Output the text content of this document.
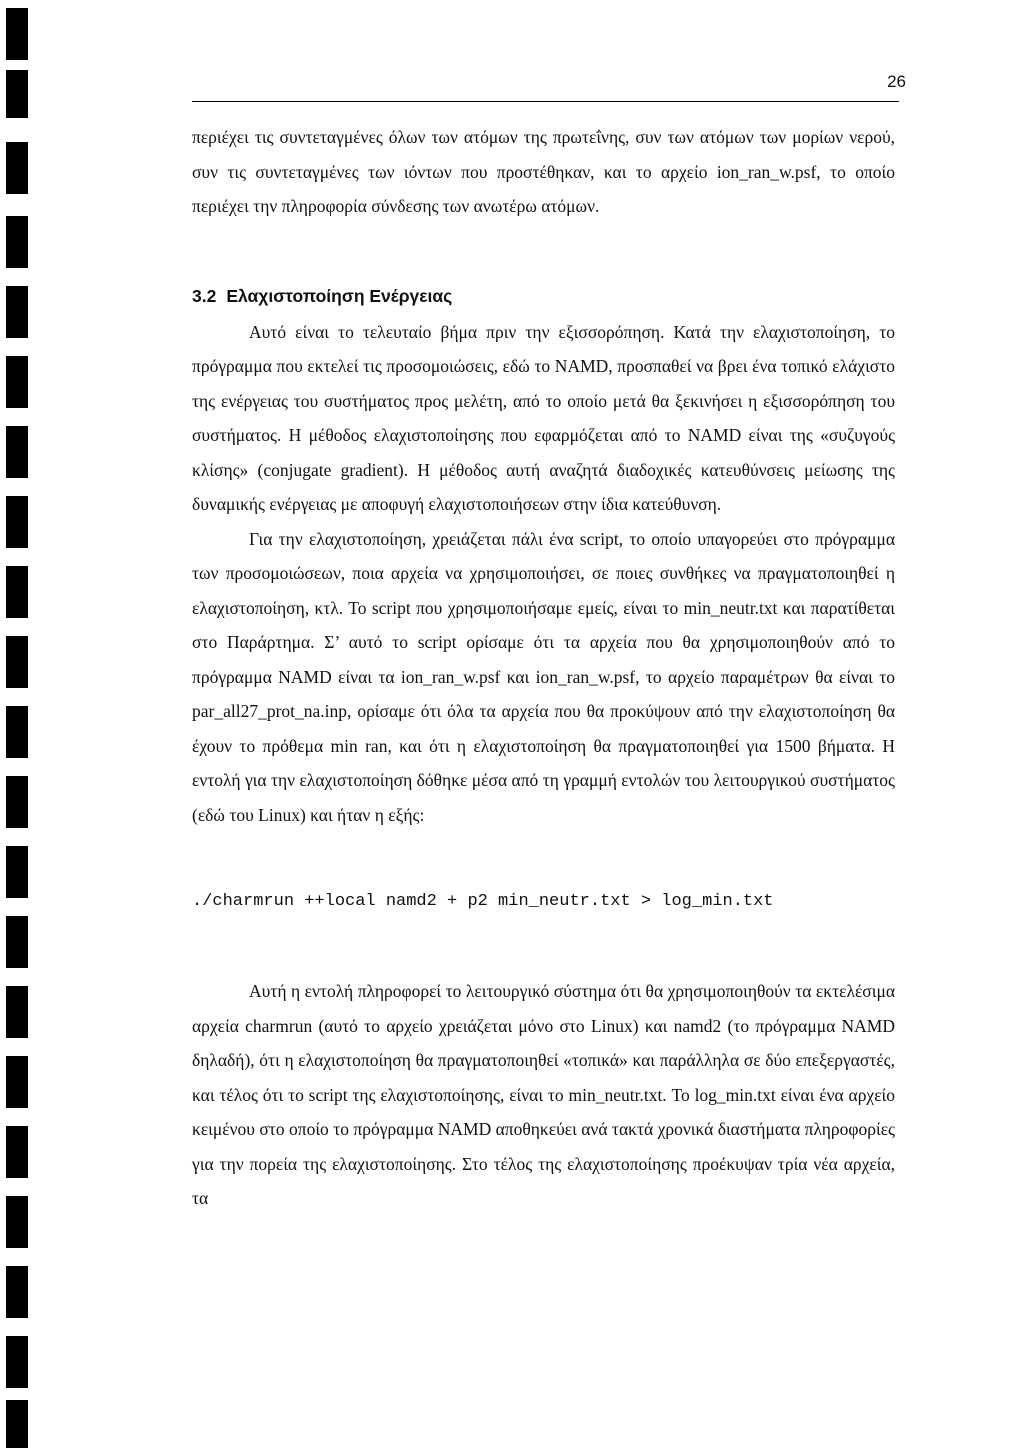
26

περιέχει τις συντεταγμένες όλων των ατόμων της πρωτεΐνης, συν των ατόμων των μορίων νερού, συν τις συντεταγμένες των ιόντων που προστέθηκαν, και το αρχείο ion_ran_w.psf, το οποίο περιέχει την πληροφορία σύνδεσης των ανωτέρω ατόμων.

3.2 Ελαχιστοποίηση Ενέργειας

Αυτό είναι το τελευταίο βήμα πριν την εξισσορόπηση. Κατά την ελαχιστοποίηση, το πρόγραμμα που εκτελεί τις προσομοιώσεις, εδώ το NAMD, προσπαθεί να βρει ένα τοπικό ελάχιστο της ενέργειας του συστήματος προς μελέτη, από το οποίο μετά θα ξεκινήσει η εξισσορόπηση του συστήματος. Η μέθοδος ελαχιστοποίησης που εφαρμόζεται από το NAMD είναι της «συζυγούς κλίσης» (conjugate gradient). Η μέθοδος αυτή αναζητά διαδοχικές κατευθύνσεις μείωσης της δυναμικής ενέργειας με αποφυγή ελαχιστοποιήσεων στην ίδια κατεύθυνση.

Για την ελαχιστοποίηση, χρειάζεται πάλι ένα script, το οποίο υπαγορεύει στο πρόγραμμα των προσομοιώσεων, ποια αρχεία να χρησιμοποιήσει, σε ποιες συνθήκες να πραγματοποιηθεί η ελαχιστοποίηση, κτλ. Το script που χρησιμοποιήσαμε εμείς, είναι το min_neutr.txt και παρατίθεται στο Παράρτημα. Σ’ αυτό το script ορίσαμε ότι τα αρχεία που θα χρησιμοποιηθούν από το πρόγραμμα NAMD είναι τα ion_ran_w.psf και ion_ran_w.psf, το αρχείο παραμέτρων θα είναι το par_all27_prot_na.inp, ορίσαμε ότι όλα τα αρχεία που θα προκύψουν από την ελαχιστοποίηση θα έχουν το πρόθεμα min ran, και ότι η ελαχιστοποίηση θα πραγματοποιηθεί για 1500 βήματα. Η εντολή για την ελαχιστοποίηση δόθηκε μέσα από τη γραμμή εντολών του λειτουργικού συστήματος (εδώ του Linux) και ήταν η εξής:

./charmrun ++local namd2 + p2 min_neutr.txt > log_min.txt

Αυτή η εντολή πληροφορεί το λειτουργικό σύστημα ότι θα χρησιμοποιηθούν τα εκτελέσιμα αρχεία charmrun (αυτό το αρχείο χρειάζεται μόνο στο Linux) και namd2 (το πρόγραμμα NAMD δηλαδή), ότι η ελαχιστοποίηση θα πραγματοποιηθεί «τοπικά» και παράλληλα σε δύο επεξεργαστές, και τέλος ότι το script της ελαχιστοποίησης, είναι το min_neutr.txt. Το log_min.txt είναι ένα αρχείο κειμένου στο οποίο το πρόγραμμα NAMD αποθηκεύει ανά τακτά χρονικά διαστήματα πληροφορίες για την πορεία της ελαχιστοποίησης. Στο τέλος της ελαχιστοποίησης προέκυψαν τρία νέα αρχεία, τα
